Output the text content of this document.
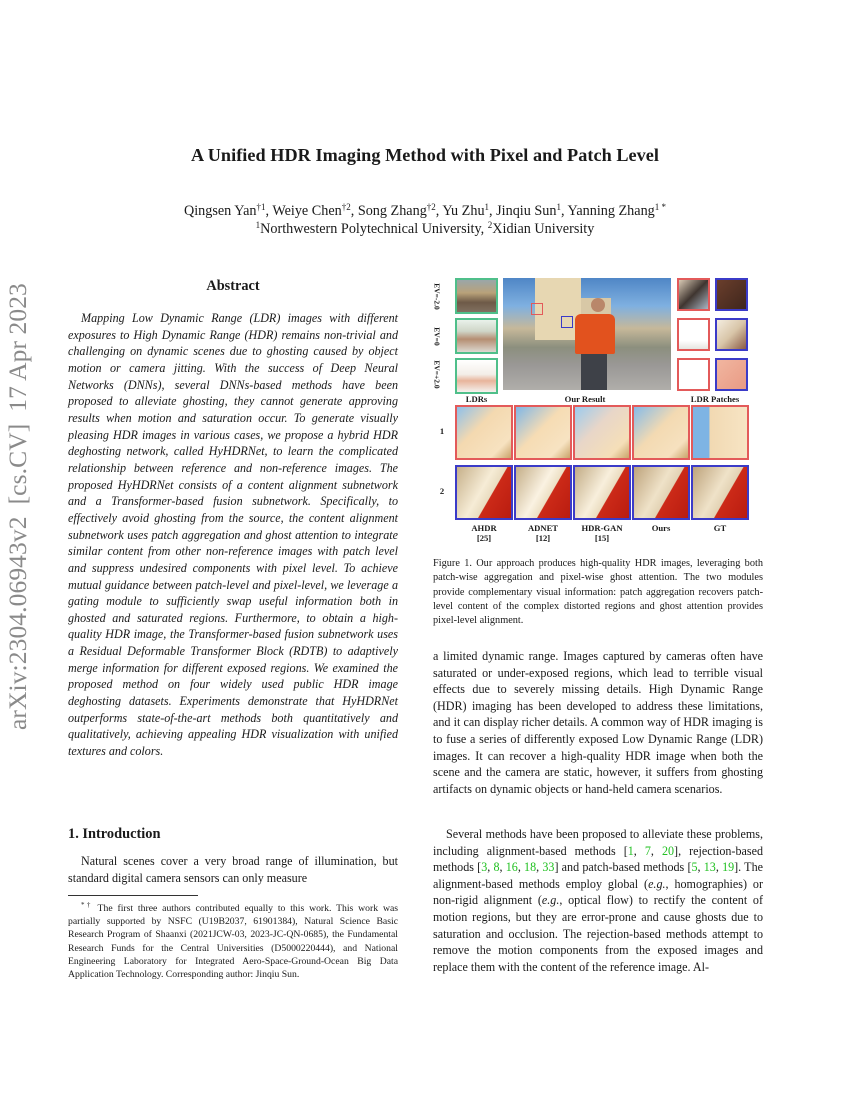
A Unified HDR Imaging Method with Pixel and Patch Level
Qingsen Yan$^{\dagger 1}$, Weiye Chen$^{\dagger 2}$, Song Zhang$^{\dagger 2}$, Yu Zhu$^1$, Jinqiu Sun$^1$, Yanning Zhang$^{1 *}$
$^1$Northwestern Polytechnical University, $^2$Xidian University
arXiv:2304.06943v2[cs.CV]17 Apr 2023	Abstract
Mapping Low Dynamic Range (LDR) images with different exposures to High Dynamic Range (HDR) remains non-trivial and challenging on dynamic scenes due to ghosting caused by object motion or camera jitting. With the success of Deep Neural Networks (DNNs), several DNNs-based methods have been proposed to alleviate ghosting, they cannot generate approving results when motion and saturation occur. To generate visually pleasing HDR images in various cases, we propose a hybrid HDR deghosting network, called HyHDRNet, to learn the complicated relationship between reference and non-reference images. The proposed HyHDRNet consists of a content alignment subnetwork and a Transformer-based fusion subnetwork. Specifically, to effectively avoid ghosting from the source, the content alignment subnetwork uses patch aggregation and ghost attention to integrate similar content from other non-reference images with patch level and suppress undesired components with pixel level. To achieve mutual guidance between patch-level and pixel-level, we leverage a gating module to sufficiently swap useful information both in ghosted and saturated regions. Furthermore, to obtain a high-quality HDR image, the Transformer-based fusion subnetwork uses a Residual Deformable Transformer Block (RDTB) to adaptively merge information for different exposed regions. We examined the proposed method on four widely used public HDR image deghosting datasets. Experiments demonstrate that HyHDRNet outperforms state-of-the-art methods both quantitatively and qualitatively, achieving appealing HDR visualization with unified textures and colors.
1. Introduction
Natural scenes cover a very broad range of illumination, but standard digital camera sensors can only measure
*† The first three authors contributed equally to this work. This work was partially supported by NSFC (U19B2037, 61901384), Natural Science Basic Research Program of Shaanxi (2021JCW-03, 2023-JC-QN-0685), the Fundamental Research Funds for the Central Universities (D5000220444), and National Engineering Laboratory for Integrated Aero-Space-Ground-Ocean Big Data Application Technology. Corresponding author: Jinqiu Sun.
EV=-2.0
EV=0
EV=+2.0
LDRs	Our Result	LDR Patches
1
2
AHDR
[25]
ADNET
[12]
HDR-GAN
[15]
Ours	GT
Figure 1. Our approach produces high-quality HDR images, leveraging both patch-wise aggregation and pixel-wise ghost attention. The two modules provide complementary visual information: patch aggregation recovers patch-level content of the complex distorted regions and ghost attention provides pixel-level alignment.
a limited dynamic range. Images captured by cameras often have saturated or under-exposed regions, which lead to terrible visual effects due to severely missing details. High Dynamic Range (HDR) imaging has been developed to address these limitations, and it can display richer details. A common way of HDR imaging is to fuse a series of differently exposed Low Dynamic Range (LDR) images. It can recover a high-quality HDR image when both the scene and the camera are static, however, it suffers from ghosting artifacts on dynamic objects or hand-held camera scenarios.
Several methods have been proposed to alleviate these problems, including alignment-based methods [1, 7, 20], rejection-based methods [3, 8, 16, 18, 33] and patch-based methods [5, 13, 19]. The alignment-based methods employ global (e.g., homographies) or non-rigid alignment (e.g., optical flow) to rectify the content of motion regions, but they are error-prone and cause ghosts due to saturation and occlusion. The rejection-based methods attempt to remove the motion components from the exposed images and replace them with the content of the reference image. Al-
